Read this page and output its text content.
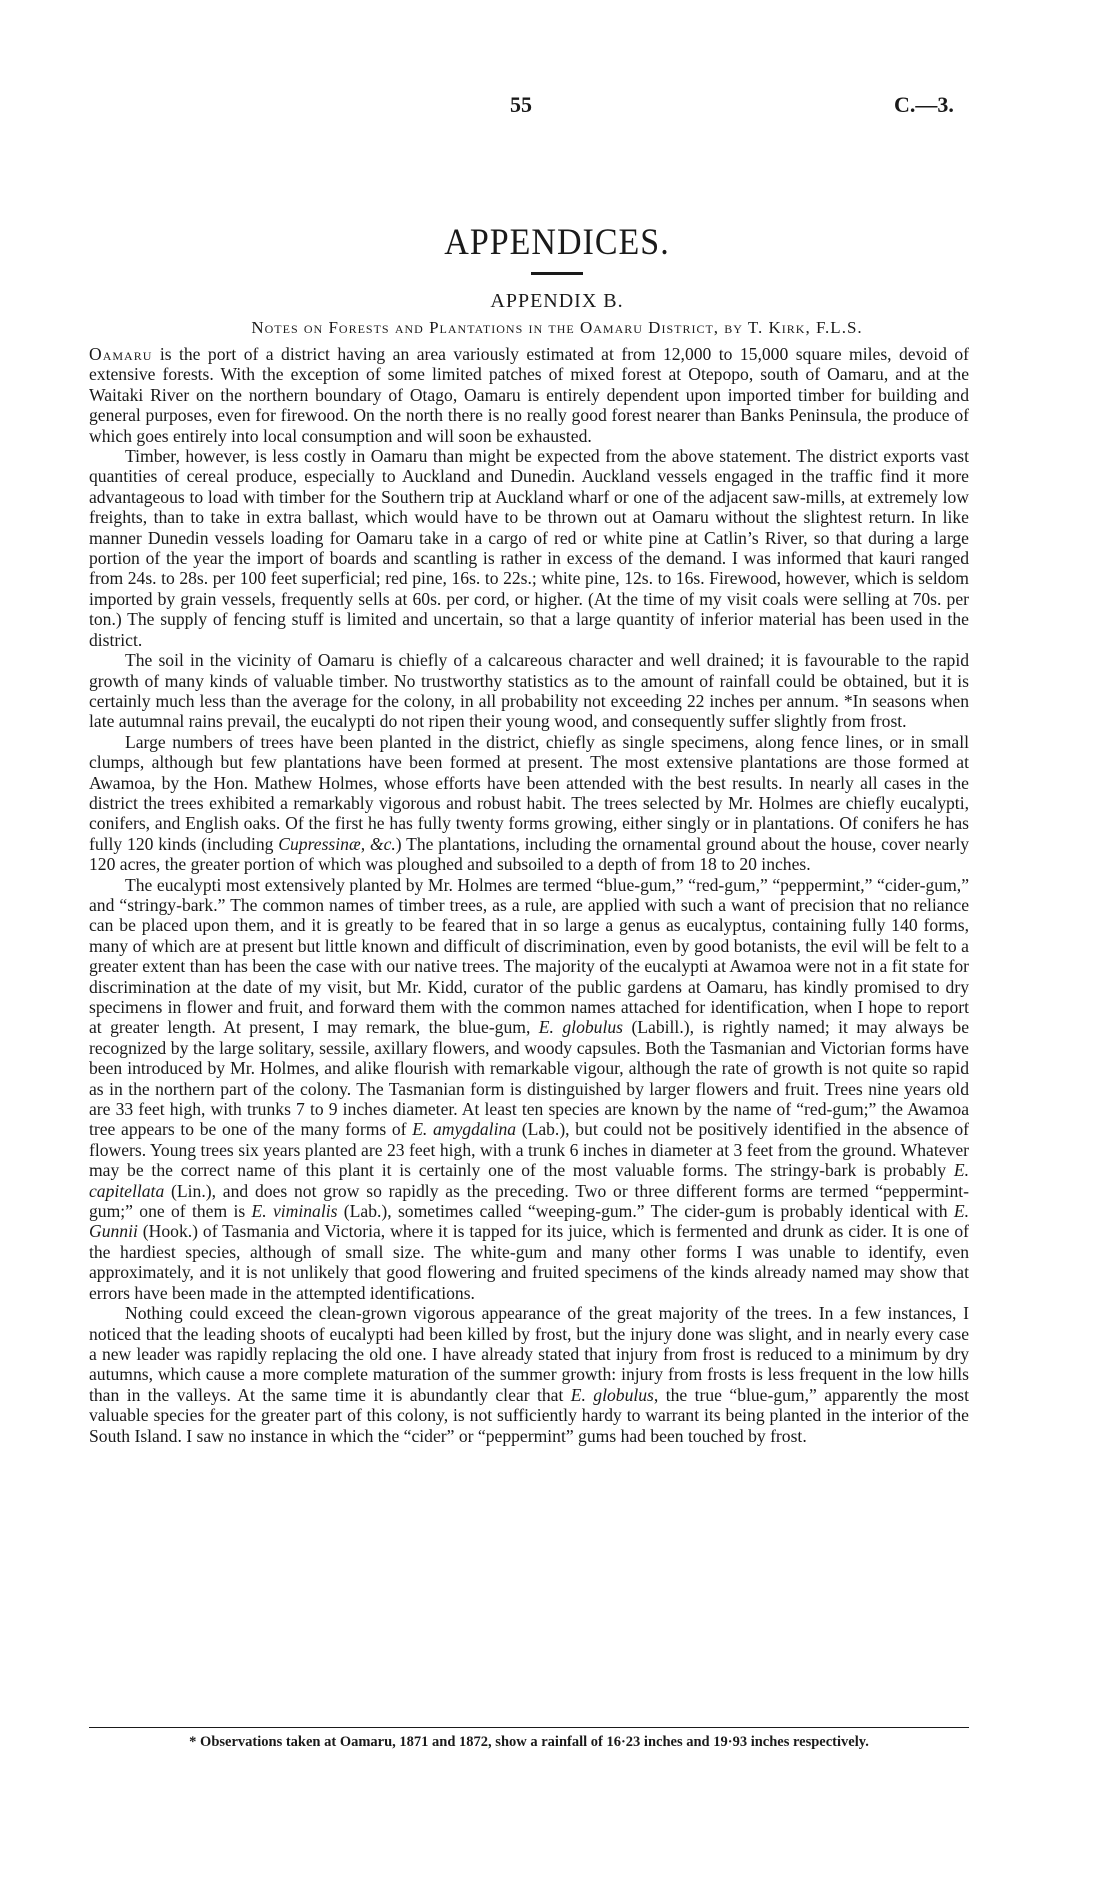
55	C.—3.
APPENDICES.
APPENDIX B.
Notes on Forests and Plantations in the Oamaru District, by T. Kirk, F.L.S.

Oamaru is the port of a district having an area variously estimated at from 12,000 to 15,000 square miles, devoid of extensive forests. With the exception of some limited patches of mixed forest at Otepopo, south of Oamaru, and at the Waitaki River on the northern boundary of Otago, Oamaru is entirely dependent upon imported timber for building and general purposes, even for firewood. On the north there is no really good forest nearer than Banks Peninsula, the produce of which goes entirely into local consumption and will soon be exhausted.

Timber, however, is less costly in Oamaru than might be expected from the above statement. The district exports vast quantities of cereal produce, especially to Auckland and Dunedin. Auckland vessels engaged in the traffic find it more advantageous to load with timber for the Southern trip at Auckland wharf or one of the adjacent saw-mills, at extremely low freights, than to take in extra ballast, which would have to be thrown out at Oamaru without the slightest return. In like manner Dunedin vessels loading for Oamaru take in a cargo of red or white pine at Catlin’s River, so that during a large portion of the year the import of boards and scantling is rather in excess of the demand. I was informed that kauri ranged from 24s. to 28s. per 100 feet superficial; red pine, 16s. to 22s.; white pine, 12s. to 16s. Firewood, however, which is seldom imported by grain vessels, frequently sells at 60s. per cord, or higher. (At the time of my visit coals were selling at 70s. per ton.) The supply of fencing stuff is limited and uncertain, so that a large quantity of inferior material has been used in the district.

The soil in the vicinity of Oamaru is chiefly of a calcareous character and well drained; it is favourable to the rapid growth of many kinds of valuable timber. No trustworthy statistics as to the amount of rainfall could be obtained, but it is certainly much less than the average for the colony, in all probability not exceeding 22 inches per annum. *In seasons when late autumnal rains prevail, the eucalypti do not ripen their young wood, and consequently suffer slightly from frost.

Large numbers of trees have been planted in the district, chiefly as single specimens, along fence lines, or in small clumps, although but few plantations have been formed at present. The most extensive plantations are those formed at Awamoa, by the Hon. Mathew Holmes, whose efforts have been attended with the best results. In nearly all cases in the district the trees exhibited a remarkably vigorous and robust habit. The trees selected by Mr. Holmes are chiefly eucalypti, conifers, and English oaks. Of the first he has fully twenty forms growing, either singly or in plantations. Of conifers he has fully 120 kinds (including Cupressinæ, &c.) The plantations, including the ornamental ground about the house, cover nearly 120 acres, the greater portion of which was ploughed and subsoiled to a depth of from 18 to 20 inches.

The eucalypti most extensively planted by Mr. Holmes are termed “blue-gum,” “red-gum,” “peppermint,” “cider-gum,” and “stringy-bark.” The common names of timber trees, as a rule, are applied with such a want of precision that no reliance can be placed upon them, and it is greatly to be feared that in so large a genus as eucalyptus, containing fully 140 forms, many of which are at present but little known and difficult of discrimination, even by good botanists, the evil will be felt to a greater extent than has been the case with our native trees. The majority of the eucalypti at Awamoa were not in a fit state for discrimination at the date of my visit, but Mr. Kidd, curator of the public gardens at Oamaru, has kindly promised to dry specimens in flower and fruit, and forward them with the common names attached for identification, when I hope to report at greater length. At present, I may remark, the blue-gum, E. globulus (Labill.), is rightly named; it may always be recognized by the large solitary, sessile, axillary flowers, and woody capsules. Both the Tasmanian and Victorian forms have been introduced by Mr. Holmes, and alike flourish with remarkable vigour, although the rate of growth is not quite so rapid as in the northern part of the colony. The Tasmanian form is distinguished by larger flowers and fruit. Trees nine years old are 33 feet high, with trunks 7 to 9 inches diameter. At least ten species are known by the name of “red-gum;” the Awamoa tree appears to be one of the many forms of E. amygdalina (Lab.), but could not be positively identified in the absence of flowers. Young trees six years planted are 23 feet high, with a trunk 6 inches in diameter at 3 feet from the ground. Whatever may be the correct name of this plant it is certainly one of the most valuable forms. The stringy-bark is probably E. capitellata (Lin.), and does not grow so rapidly as the preceding. Two or three different forms are termed “peppermint-gum;” one of them is E. viminalis (Lab.), sometimes called “weeping-gum.” The cider-gum is probably identical with E. Gunnii (Hook.) of Tasmania and Victoria, where it is tapped for its juice, which is fermented and drunk as cider. It is one of the hardiest species, although of small size. The white-gum and many other forms I was unable to identify, even approximately, and it is not unlikely that good flowering and fruited specimens of the kinds already named may show that errors have been made in the attempted identifications.

Nothing could exceed the clean-grown vigorous appearance of the great majority of the trees. In a few instances, I noticed that the leading shoots of eucalypti had been killed by frost, but the injury done was slight, and in nearly every case a new leader was rapidly replacing the old one. I have already stated that injury from frost is reduced to a minimum by dry autumns, which cause a more complete maturation of the summer growth: injury from frosts is less frequent in the low hills than in the valleys. At the same time it is abundantly clear that E. globulus, the true “blue-gum,” apparently the most valuable species for the greater part of this colony, is not sufficiently hardy to warrant its being planted in the interior of the South Island. I saw no instance in which the “cider” or “peppermint” gums had been touched by frost.

* Observations taken at Oamaru, 1871 and 1872, show a rainfall of 16·23 inches and 19·93 inches respectively.
